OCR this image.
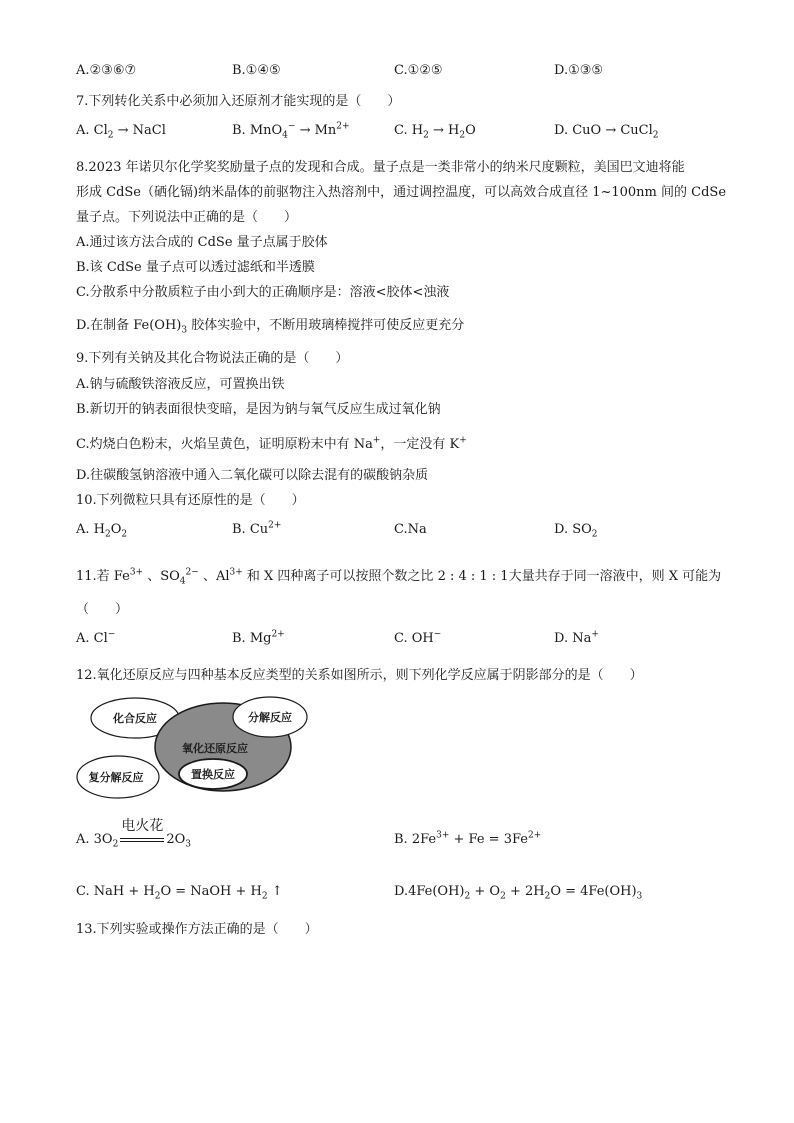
A.②③⑥⑦	B.①④⑤	C.①②⑤	D.①③⑤
7.下列转化关系中必须加入还原剂才能实现的是（　　）
A. $Cl_2$ → NaCl	B. $MnO_4^- \to Mn^{2+}$	C. $H_2 \to H_2O$	D. CuO → CuCl$_2$
8.2023 年诺贝尔化学奖奖励量子点的发现和合成。量子点是一类非常小的纳米尺度颗粒，美国巴文迪将能
形成 CdSe（硒化镉)纳米晶体的前驱物注入热溶剂中，通过调控温度，可以高效合成直径 1~100nm 间的 CdSe
量子点。下列说法中正确的是（　　）
A.通过该方法合成的 CdSe 量子点属于胶体
B.该 CdSe 量子点可以透过滤纸和半透膜
C.分散系中分散质粒子由小到大的正确顺序是：溶液<胶体<浊液
D.在制备 $Fe(OH)_3$ 胶体实验中，不断用玻璃棒搅拌可使反应更充分
9.下列有关钠及其化合物说法正确的是（　　）
A.钠与硫酸铁溶液反应，可置换出铁
B.新切开的钠表面很快变暗，是因为钠与氧气反应生成过氧化钠
C.灼烧白色粉末，火焰呈黄色，证明原粉末中有 Na+，一定没有 K+
D.往碳酸氢钠溶液中通入二氧化碳可以除去混有的碳酸钠杂质
10.下列微粒只具有还原性的是（　　）
A. $H_2O_2$	B. $Cu^{2+}$	C.Na	D. $SO_2$
11.若 $Fe^{3+}$ 、$SO_4^{2-}$ 、$Al^{3+}$ 和 X 四种离子可以按照个数之比 2 : 4 : 1 : 1大量共存于同一溶液中，则 X 可能为
（　　）
A. Cl−	B. $Mg^{2+}$	C. OH−	D. Na+
12.氧化还原反应与四种基本反应类型的关系如图所示，则下列化学反应属于阴影部分的是（　　）
化合反应	分解反应
氧化还原反应
置换反应
复分解反应
A. $3O_2$
电火花
$2O_3$	B. $2Fe^{3+} + Fe = 3Fe^{2+}$
C. NaH + $H_2O$ = NaOH + $H_2$ ↑	$D.4Fe(OH)_2 + O_2 + 2H_2O = 4Fe(OH)_3$
13.下列实验或操作方法正确的是（　　）
